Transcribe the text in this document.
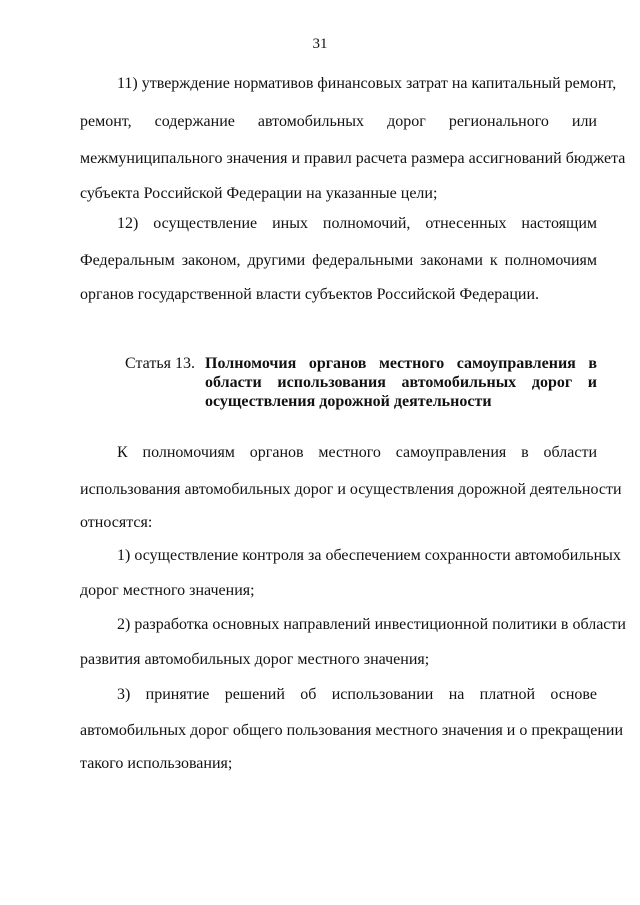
31
11) утверждение нормативов финансовых затрат на капитальный ремонт,
ремонт, содержание автомобильных дорог регионального или
межмуниципального значения и правил расчета размера ассигнований бюджета
субъекта Российской Федерации на указанные цели;
12) осуществление иных полномочий, отнесенных настоящим
Федеральным законом, другими федеральными законами к полномочиям
органов государственной власти субъектов Российской Федерации.
Статья 13. Полномочия органов местного самоуправления в
области использования автомобильных дорог и
осуществления дорожной деятельности
К полномочиям органов местного самоуправления в области
использования автомобильных дорог и осуществления дорожной деятельности
относятся:
1) осуществление контроля за обеспечением сохранности автомобильных
дорог местного значения;
2) разработка основных направлений инвестиционной политики в области
развития автомобильных дорог местного значения;
3) принятие решений об использовании на платной основе
автомобильных дорог общего пользования местного значения и о прекращении
такого использования;
